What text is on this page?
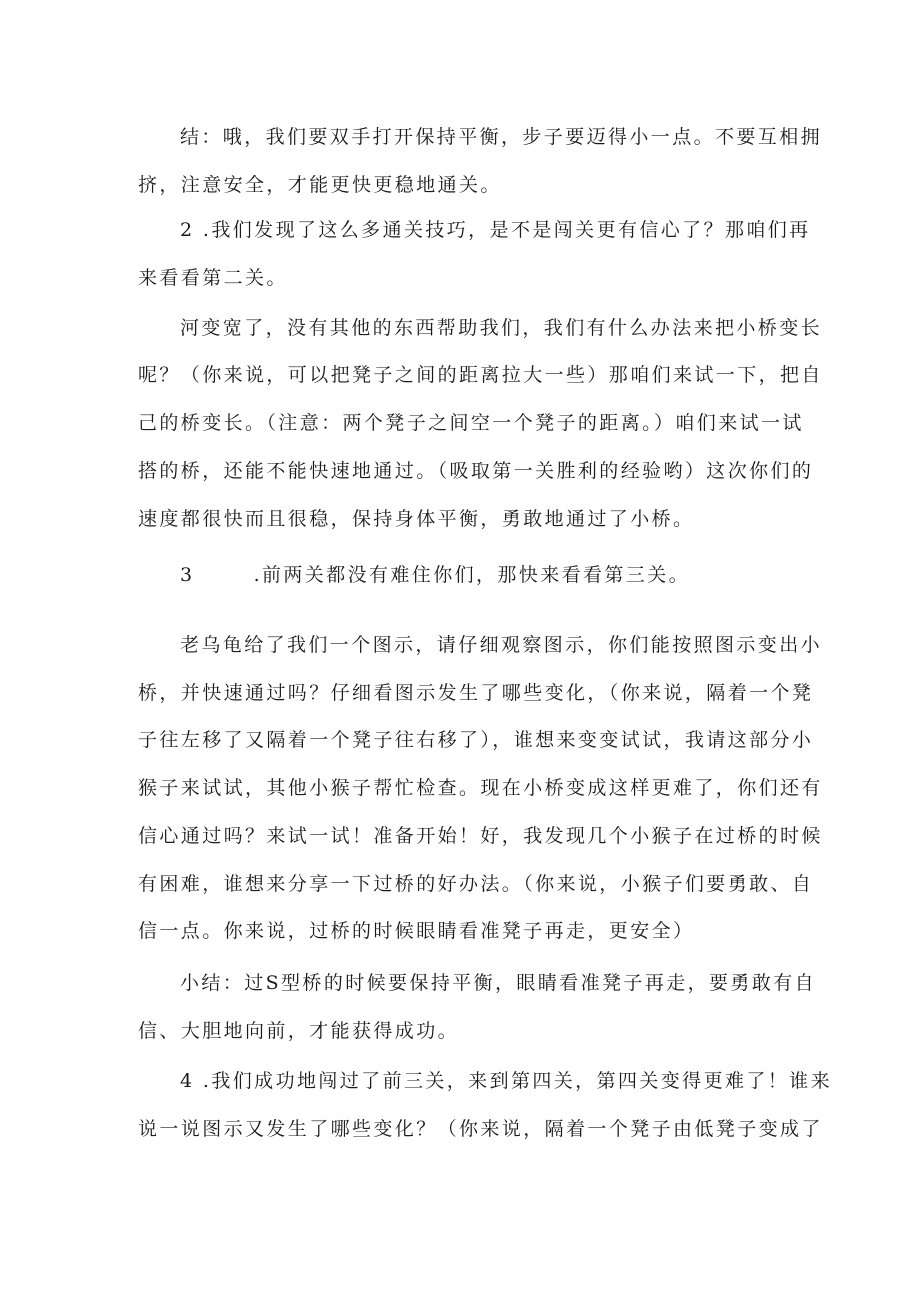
结：哦，我们要双手打开保持平衡，步子要迈得小一点。不要互相拥
挤，注意安全，才能更快更稳地通关。
2 .我们发现了这么多通关技巧，是不是闯关更有信心了？那咱们再
来看看第二关。
河变宽了，没有其他的东西帮助我们，我们有什么办法来把小桥变长
呢？（你来说，可以把凳子之间的距离拉大一些）那咱们来试一下，把自
己的桥变长。（注意：两个凳子之间空一个凳子的距离。）咱们来试一试
搭的桥，还能不能快速地通过。（吸取第一关胜利的经验哟）这次你们的
速度都很快而且很稳，保持身体平衡，勇敢地通过了小桥。
3       .前两关都没有难住你们，那快来看看第三关。
老乌龟给了我们一个图示，请仔细观察图示，你们能按照图示变出小
桥，并快速通过吗？仔细看图示发生了哪些变化，（你来说，隔着一个凳
子往左移了又隔着一个凳子往右移了），谁想来变变试试，我请这部分小
猴子来试试，其他小猴子帮忙检查。现在小桥变成这样更难了，你们还有
信心通过吗？来试一试！准备开始！好，我发现几个小猴子在过桥的时候
有困难，谁想来分享一下过桥的好办法。（你来说，小猴子们要勇敢、自
信一点。你来说，过桥的时候眼睛看准凳子再走，更安全）
小结：过S型桥的时候要保持平衡，眼睛看准凳子再走，要勇敢有自
信、大胆地向前，才能获得成功。
4 .我们成功地闯过了前三关，来到第四关，第四关变得更难了！谁来
说一说图示又发生了哪些变化？（你来说，隔着一个凳子由低凳子变成了
